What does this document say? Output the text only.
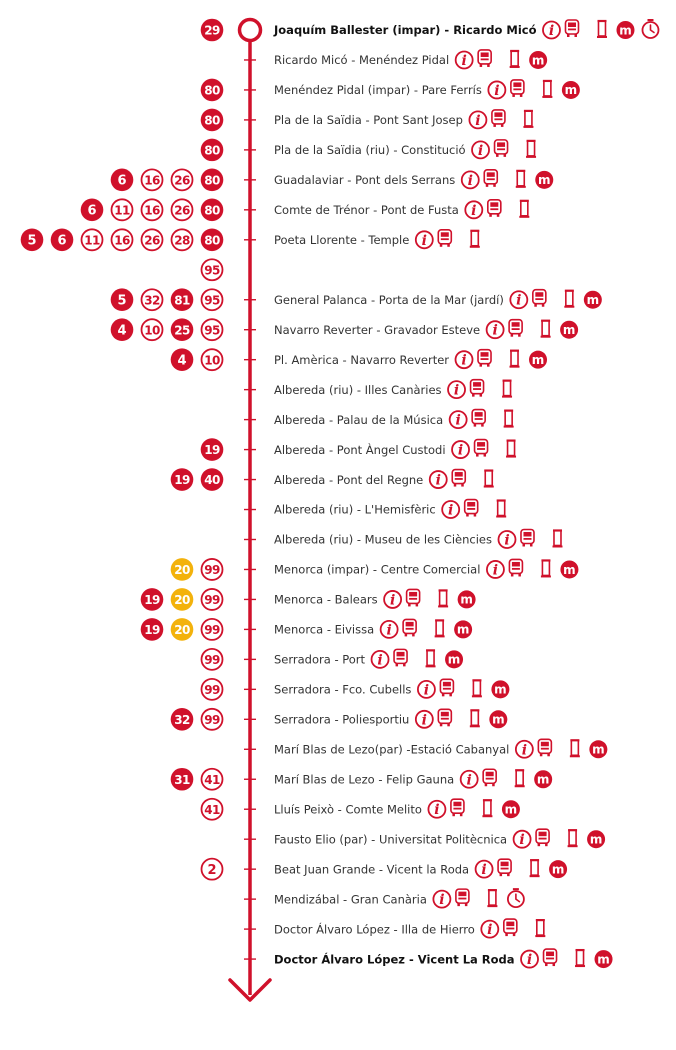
29	Joaquím Ballester (impar) - Ricardo Micó i	m
Ricardo Micó - Menéndez Pidal i	m
80	Menéndez Pidal (impar) - Pare Ferrís i	m
80	Pla de la Saïdia - Pont Sant Josep i
80	Pla de la Saïdia (riu) - Constitució i
6 16 26 80	Guadalaviar - Pont dels Serrans i	m
6 11 16 26 80	Comte de Trénor - Pont de Fusta i
5 6 11 16 26 28 80	Poeta Llorente - Temple i
95
5 32 81 95	General Palanca - Porta de la Mar (jardí) i	m
4 10 25 95	Navarro Reverter - Gravador Esteve i	m
4 10	Pl. Amèrica - Navarro Reverter i	m
Albereda (riu) - Illes Canàries i
Albereda - Palau de la Música i
19	Albereda - Pont Àngel Custodi i
19 40	Albereda - Pont del Regne i
Albereda (riu) - L'Hemisfèric i
Albereda (riu) - Museu de les Ciències i
20 99	Menorca (impar) - Centre Comercial i	m
19 20 99	Menorca - Balears i	m
19 20 99	Menorca - Eivissa i	m
99	Serradora - Port i	m
99	Serradora - Fco. Cubells i	m
32 99	Serradora - Poliesportiu i	m
Marí Blas de Lezo(par) -Estació Cabanyal i	m
31 41	Marí Blas de Lezo - Felip Gauna i	m
41	Lluís Peixò - Comte Melito i	m
Fausto Elio (par) - Universitat Politècnica i	m
2	Beat Juan Grande - Vicent la Roda i	m
Mendizábal - Gran Canària i
Doctor Álvaro López - Illa de Hierro i
Doctor Álvaro López - Vicent La Roda i	m
